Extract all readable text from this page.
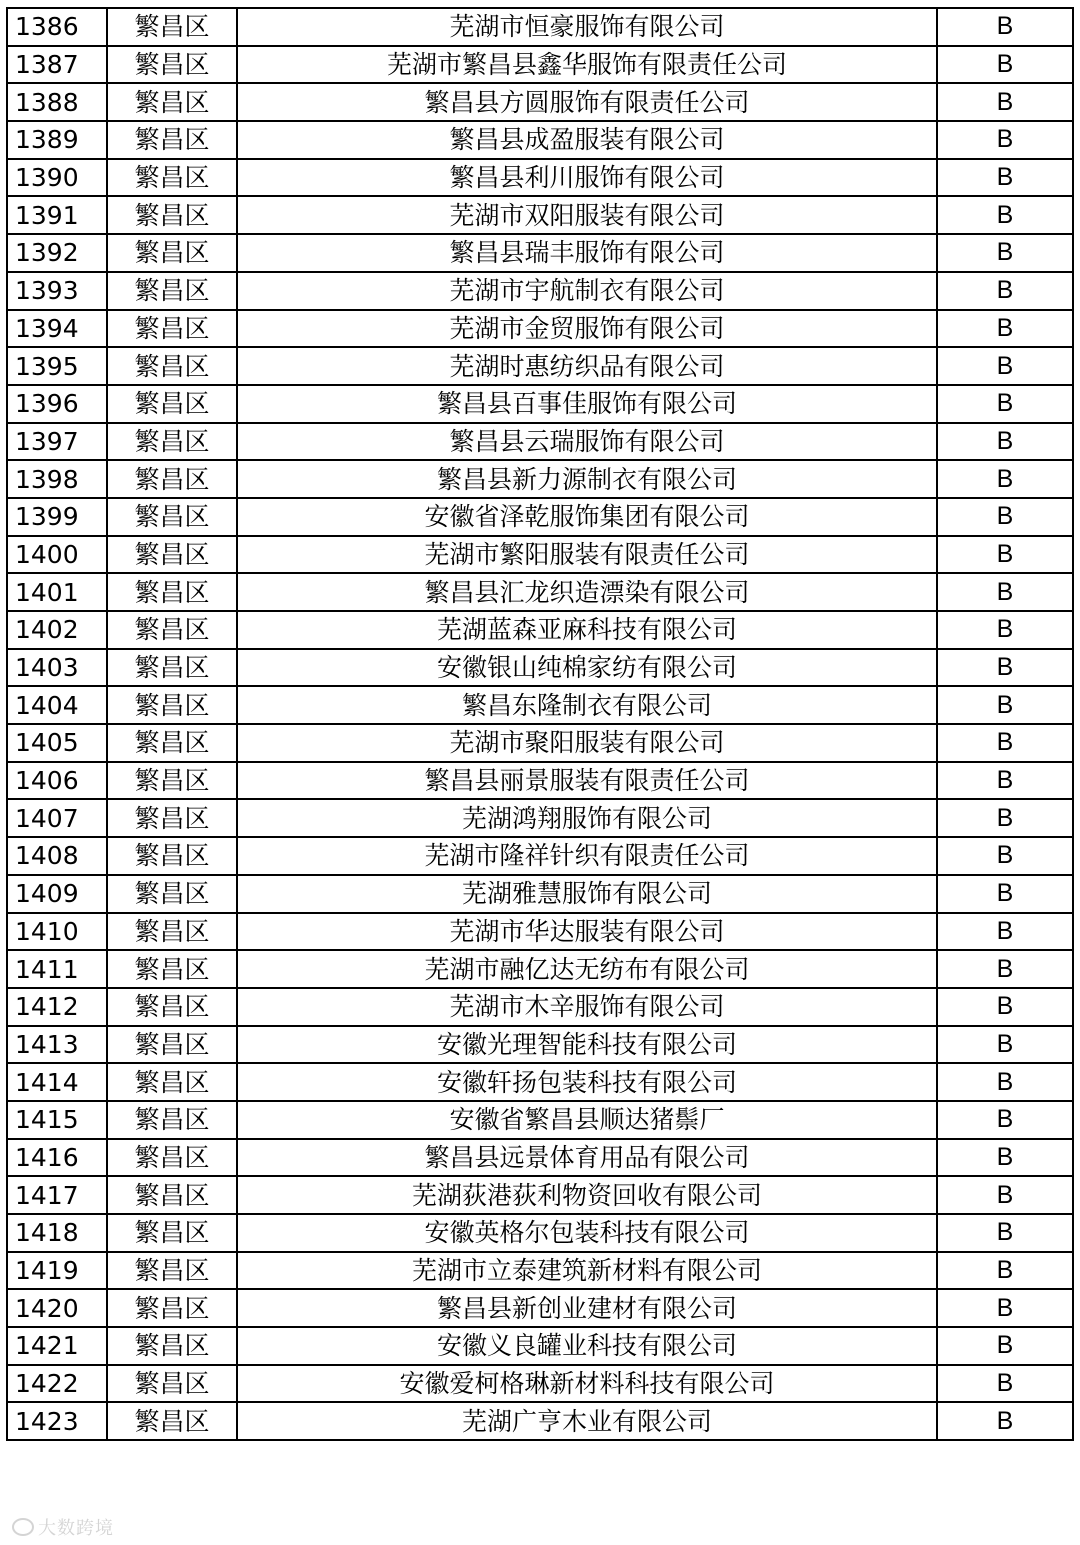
1386	繁昌区	芜湖市恒豪服饰有限公司	B
1387	繁昌区	芜湖市繁昌县鑫华服饰有限责任公司	B
1388	繁昌区	繁昌县方圆服饰有限责任公司	B
1389	繁昌区	繁昌县成盈服装有限公司	B
1390	繁昌区	繁昌县利川服饰有限公司	B
1391	繁昌区	芜湖市双阳服装有限公司	B
1392	繁昌区	繁昌县瑞丰服饰有限公司	B
1393	繁昌区	芜湖市宇航制衣有限公司	B
1394	繁昌区	芜湖市金贸服饰有限公司	B
1395	繁昌区	芜湖时惠纺织品有限公司	B
1396	繁昌区	繁昌县百事佳服饰有限公司	B
1397	繁昌区	繁昌县云瑞服饰有限公司	B
1398	繁昌区	繁昌县新力源制衣有限公司	B
1399	繁昌区	安徽省泽乾服饰集团有限公司	B
1400	繁昌区	芜湖市繁阳服装有限责任公司	B
1401	繁昌区	繁昌县汇龙织造漂染有限公司	B
1402	繁昌区	芜湖蓝森亚麻科技有限公司	B
1403	繁昌区	安徽银山纯棉家纺有限公司	B
1404	繁昌区	繁昌东隆制衣有限公司	B
1405	繁昌区	芜湖市聚阳服装有限公司	B
1406	繁昌区	繁昌县丽景服装有限责任公司	B
1407	繁昌区	芜湖鸿翔服饰有限公司	B
1408	繁昌区	芜湖市隆祥针织有限责任公司	B
1409	繁昌区	芜湖雅慧服饰有限公司	B
1410	繁昌区	芜湖市华达服装有限公司	B
1411	繁昌区	芜湖市融亿达无纺布有限公司	B
1412	繁昌区	芜湖市木辛服饰有限公司	B
1413	繁昌区	安徽光理智能科技有限公司	B
1414	繁昌区	安徽轩扬包装科技有限公司	B
1415	繁昌区	安徽省繁昌县顺达猪鬃厂	B
1416	繁昌区	繁昌县远景体育用品有限公司	B
1417	繁昌区	芜湖荻港荻利物资回收有限公司	B
1418	繁昌区	安徽英格尔包装科技有限公司	B
1419	繁昌区	芜湖市立泰建筑新材料有限公司	B
1420	繁昌区	繁昌县新创业建材有限公司	B
1421	繁昌区	安徽义良罐业科技有限公司	B
1422	繁昌区	安徽爱柯格琳新材料科技有限公司	B
1423	繁昌区	芜湖广亨木业有限公司	B
大数跨境
